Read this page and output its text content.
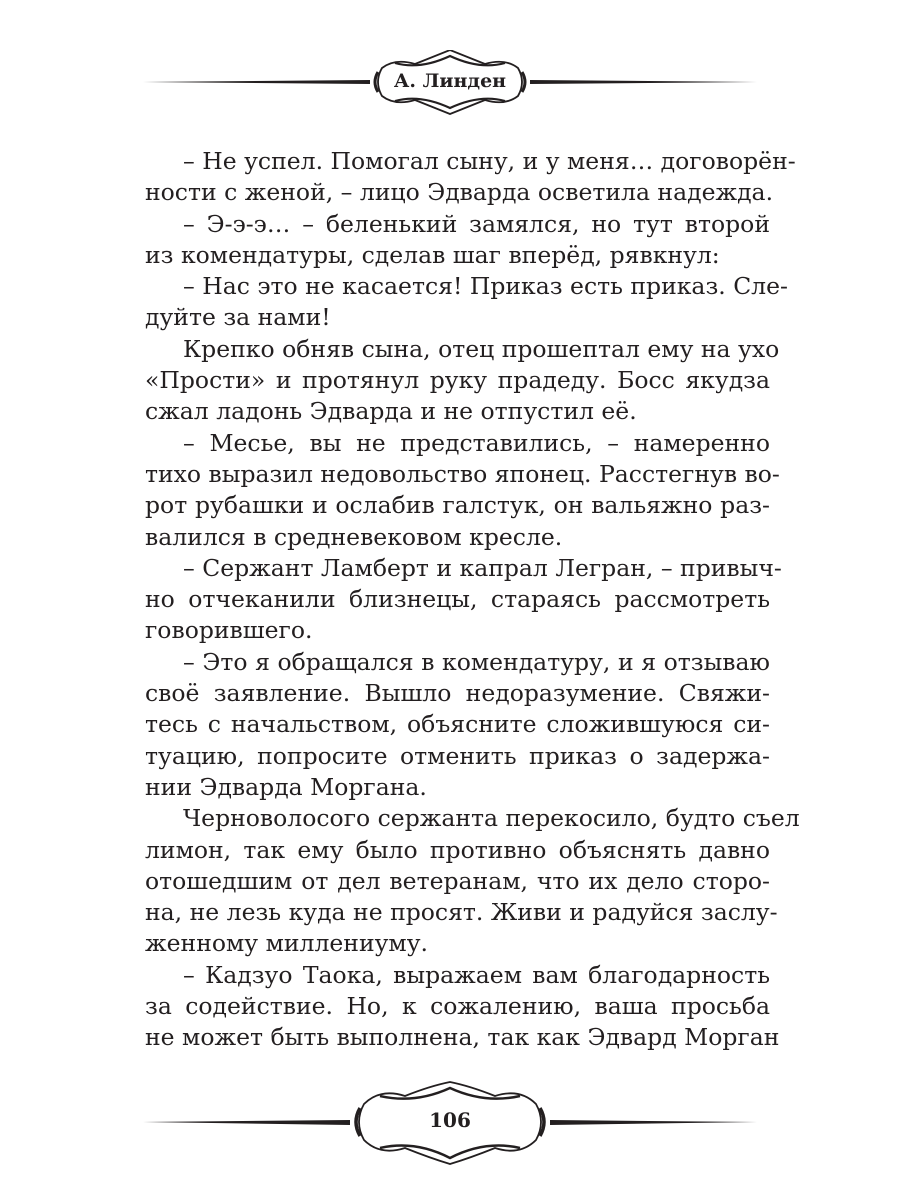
А. Линден
– Не успел. Помогал сыну, и у меня… договорён-
ности с женой, – лицо Эдварда осветила надежда.
– Э-э-э… – беленький замялся, но тут второй
из комендатуры, сделав шаг вперёд, рявкнул:
– Нас это не касается! Приказ есть приказ. Сле-
дуйте за нами!
Крепко обняв сына, отец прошептал ему на ухо
«Прости» и протянул руку прадеду. Босс якудза
сжал ладонь Эдварда и не отпустил её.
– Месье, вы не представились, – намеренно
тихо выразил недовольство японец. Расстегнув во-
рот рубашки и ослабив галстук, он вальяжно раз-
валился в средневековом кресле.
– Сержант Ламберт и капрал Легран, – привыч-
но отчеканили близнецы, стараясь рассмотреть
говорившего.
– Это я обращался в комендатуру, и я отзываю
своё заявление. Вышло недоразумение. Свяжи-
тесь с начальством, объясните сложившуюся си-
туацию, попросите отменить приказ о задержа-
нии Эдварда Моргана.
Черноволосого сержанта перекосило, будто съел
лимон, так ему было противно объяснять давно
отошедшим от дел ветеранам, что их дело сторо-
на, не лезь куда не просят. Живи и радуйся заслу-
женному миллениуму.
– Кадзуо Таока, выражаем вам благодарность
за содействие. Но, к сожалению, ваша просьба
не может быть выполнена, так как Эдвард Морган
106
